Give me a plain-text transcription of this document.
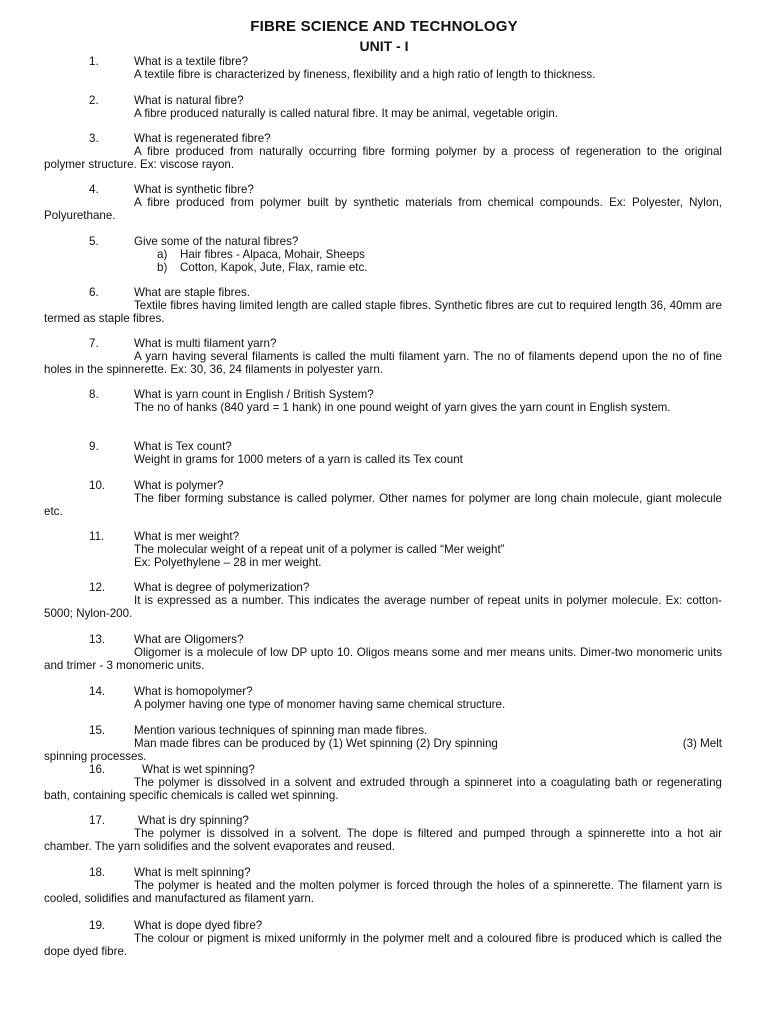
FIBRE SCIENCE AND TECHNOLOGY
UNIT - I
1.	What is a textile fibre?
A textile fibre is characterized by fineness, flexibility and a high ratio of length to thickness.
2.	What is natural fibre?
A fibre produced naturally is called natural fibre. It may be animal, vegetable origin.
3.	What is regenerated fibre?
A fibre produced from naturally occurring fibre forming polymer by a process of regeneration to the original polymer structure. Ex: viscose rayon.
4.	What is synthetic fibre?
A fibre produced from polymer built by synthetic materials from chemical compounds. Ex: Polyester, Nylon, Polyurethane.
5.	Give some of the natural fibres?
a)	Hair fibres - Alpaca, Mohair, Sheeps
b)	Cotton, Kapok, Jute, Flax, ramie etc.
6.	What are staple fibres.
Textile fibres having limited length are called staple fibres. Synthetic fibres are cut to required length 36, 40mm are termed as staple fibres.
7.	What is multi filament yarn?
A yarn having several filaments is called the multi filament yarn. The no of filaments depend upon the no of fine holes in the spinnerette. Ex: 30, 36, 24 filaments in polyester yarn.
8.	What is yarn count in English / British System?
The no of hanks (840 yard = 1 hank) in one pound weight of yarn gives the yarn count in English system.
9.	What is Tex count?
Weight in grams for 1000 meters of a yarn is called its Tex count
10.	What is polymer?
The fiber forming substance is called polymer. Other names for polymer are long chain molecule, giant molecule etc.
11.	What is mer weight?
The molecular weight of a repeat unit of a polymer is called “Mer weight”
Ex: Polyethylene – 28 in mer weight.
12.	What is degree of polymerization?
It is expressed as a number. This indicates the average number of repeat units in polymer molecule. Ex: cotton-5000; Nylon-200.
13.	What are Oligomers?
Oligomer is a molecule of low DP upto 10. Oligos means some and mer means units. Dimer-two monomeric units and trimer - 3 monomeric units.
14.	What is homopolymer?
A polymer having one type of monomer having same chemical structure.
15.	Mention various techniques of spinning man made fibres.
Man made fibres can be produced by (1) Wet spinning (2) Dry spinning	(3) Melt
spinning processes.
16.	What is wet spinning?
The polymer is dissolved in a solvent and extruded through a spinneret into a coagulating bath or regenerating bath, containing specific chemicals is called wet spinning.
17.	What is dry spinning?
The polymer is dissolved in a solvent. The dope is filtered and pumped through a spinnerette into a hot air chamber. The yarn solidifies and the solvent evaporates and reused.
18.	What is melt spinning?
The polymer is heated and the molten polymer is forced through the holes of a spinnerette. The filament yarn is cooled, solidifies and manufactured as filament yarn.
19.	What is dope dyed fibre?
The colour or pigment is mixed uniformly in the polymer melt and a coloured fibre is produced which is called the dope dyed fibre.
